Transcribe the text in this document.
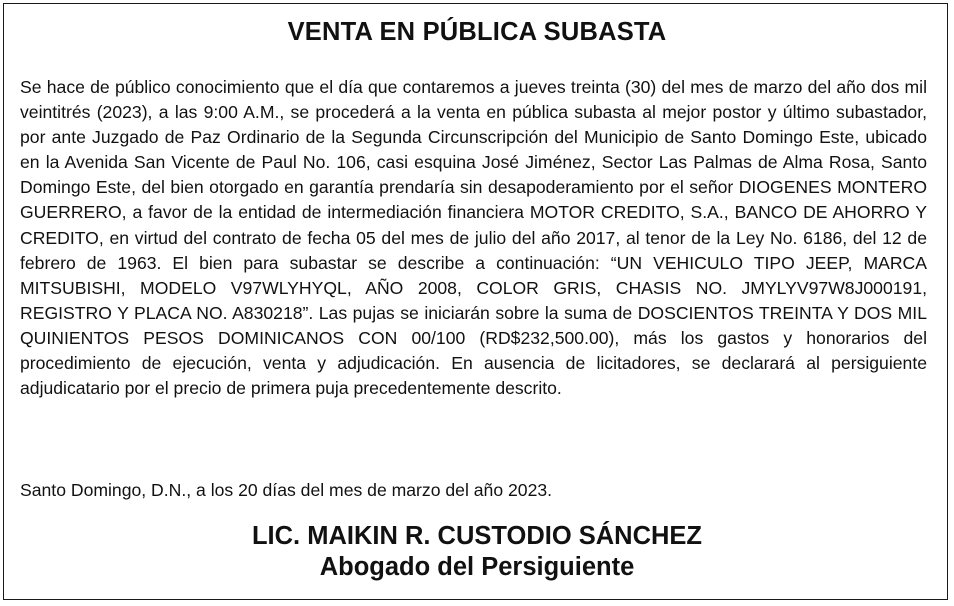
VENTA EN PÚBLICA SUBASTA
Se hace de público conocimiento que el día que contaremos a jueves treinta (30) del mes de marzo del año dos mil veintitrés (2023), a las 9:00 A.M., se procederá a la venta en pública subasta al mejor postor y último subastador, por ante Juzgado de Paz Ordinario de la Segunda Circunscripción del Municipio de Santo Domingo Este, ubicado en la Avenida San Vicente de Paul No. 106, casi esquina José Jiménez, Sector Las Palmas de Alma Rosa, Santo Domingo Este, del bien otorgado en garantía prendaría sin desapoderamiento por el señor DIOGENES MONTERO GUERRERO, a favor de la entidad de intermediación financiera MOTOR CREDITO, S.A., BANCO DE AHORRO Y CREDITO, en virtud del contrato de fecha 05 del mes de julio del año 2017, al tenor de la Ley No. 6186, del 12 de febrero de 1963. El bien para subastar se describe a continuación: “UN VEHICULO TIPO JEEP, MARCA MITSUBISHI, MODELO V97WLYHYQL, AÑO 2008, COLOR GRIS, CHASIS NO. JMYLYV97W8J000191, REGISTRO Y PLACA NO. A830218”. Las pujas se iniciarán sobre la suma de DOSCIENTOS TREINTA Y DOS MIL QUINIENTOS PESOS DOMINICANOS CON 00/100 (RD$232,500.00), más los gastos y honorarios del procedimiento de ejecución, venta y adjudicación. En ausencia de licitadores, se declarará al persiguiente adjudicatario por el precio de primera puja precedentemente descrito.
Santo Domingo, D.N., a los 20 días del mes de marzo del año 2023.
LIC. MAIKIN R. CUSTODIO SÁNCHEZ
Abogado del Persiguiente
